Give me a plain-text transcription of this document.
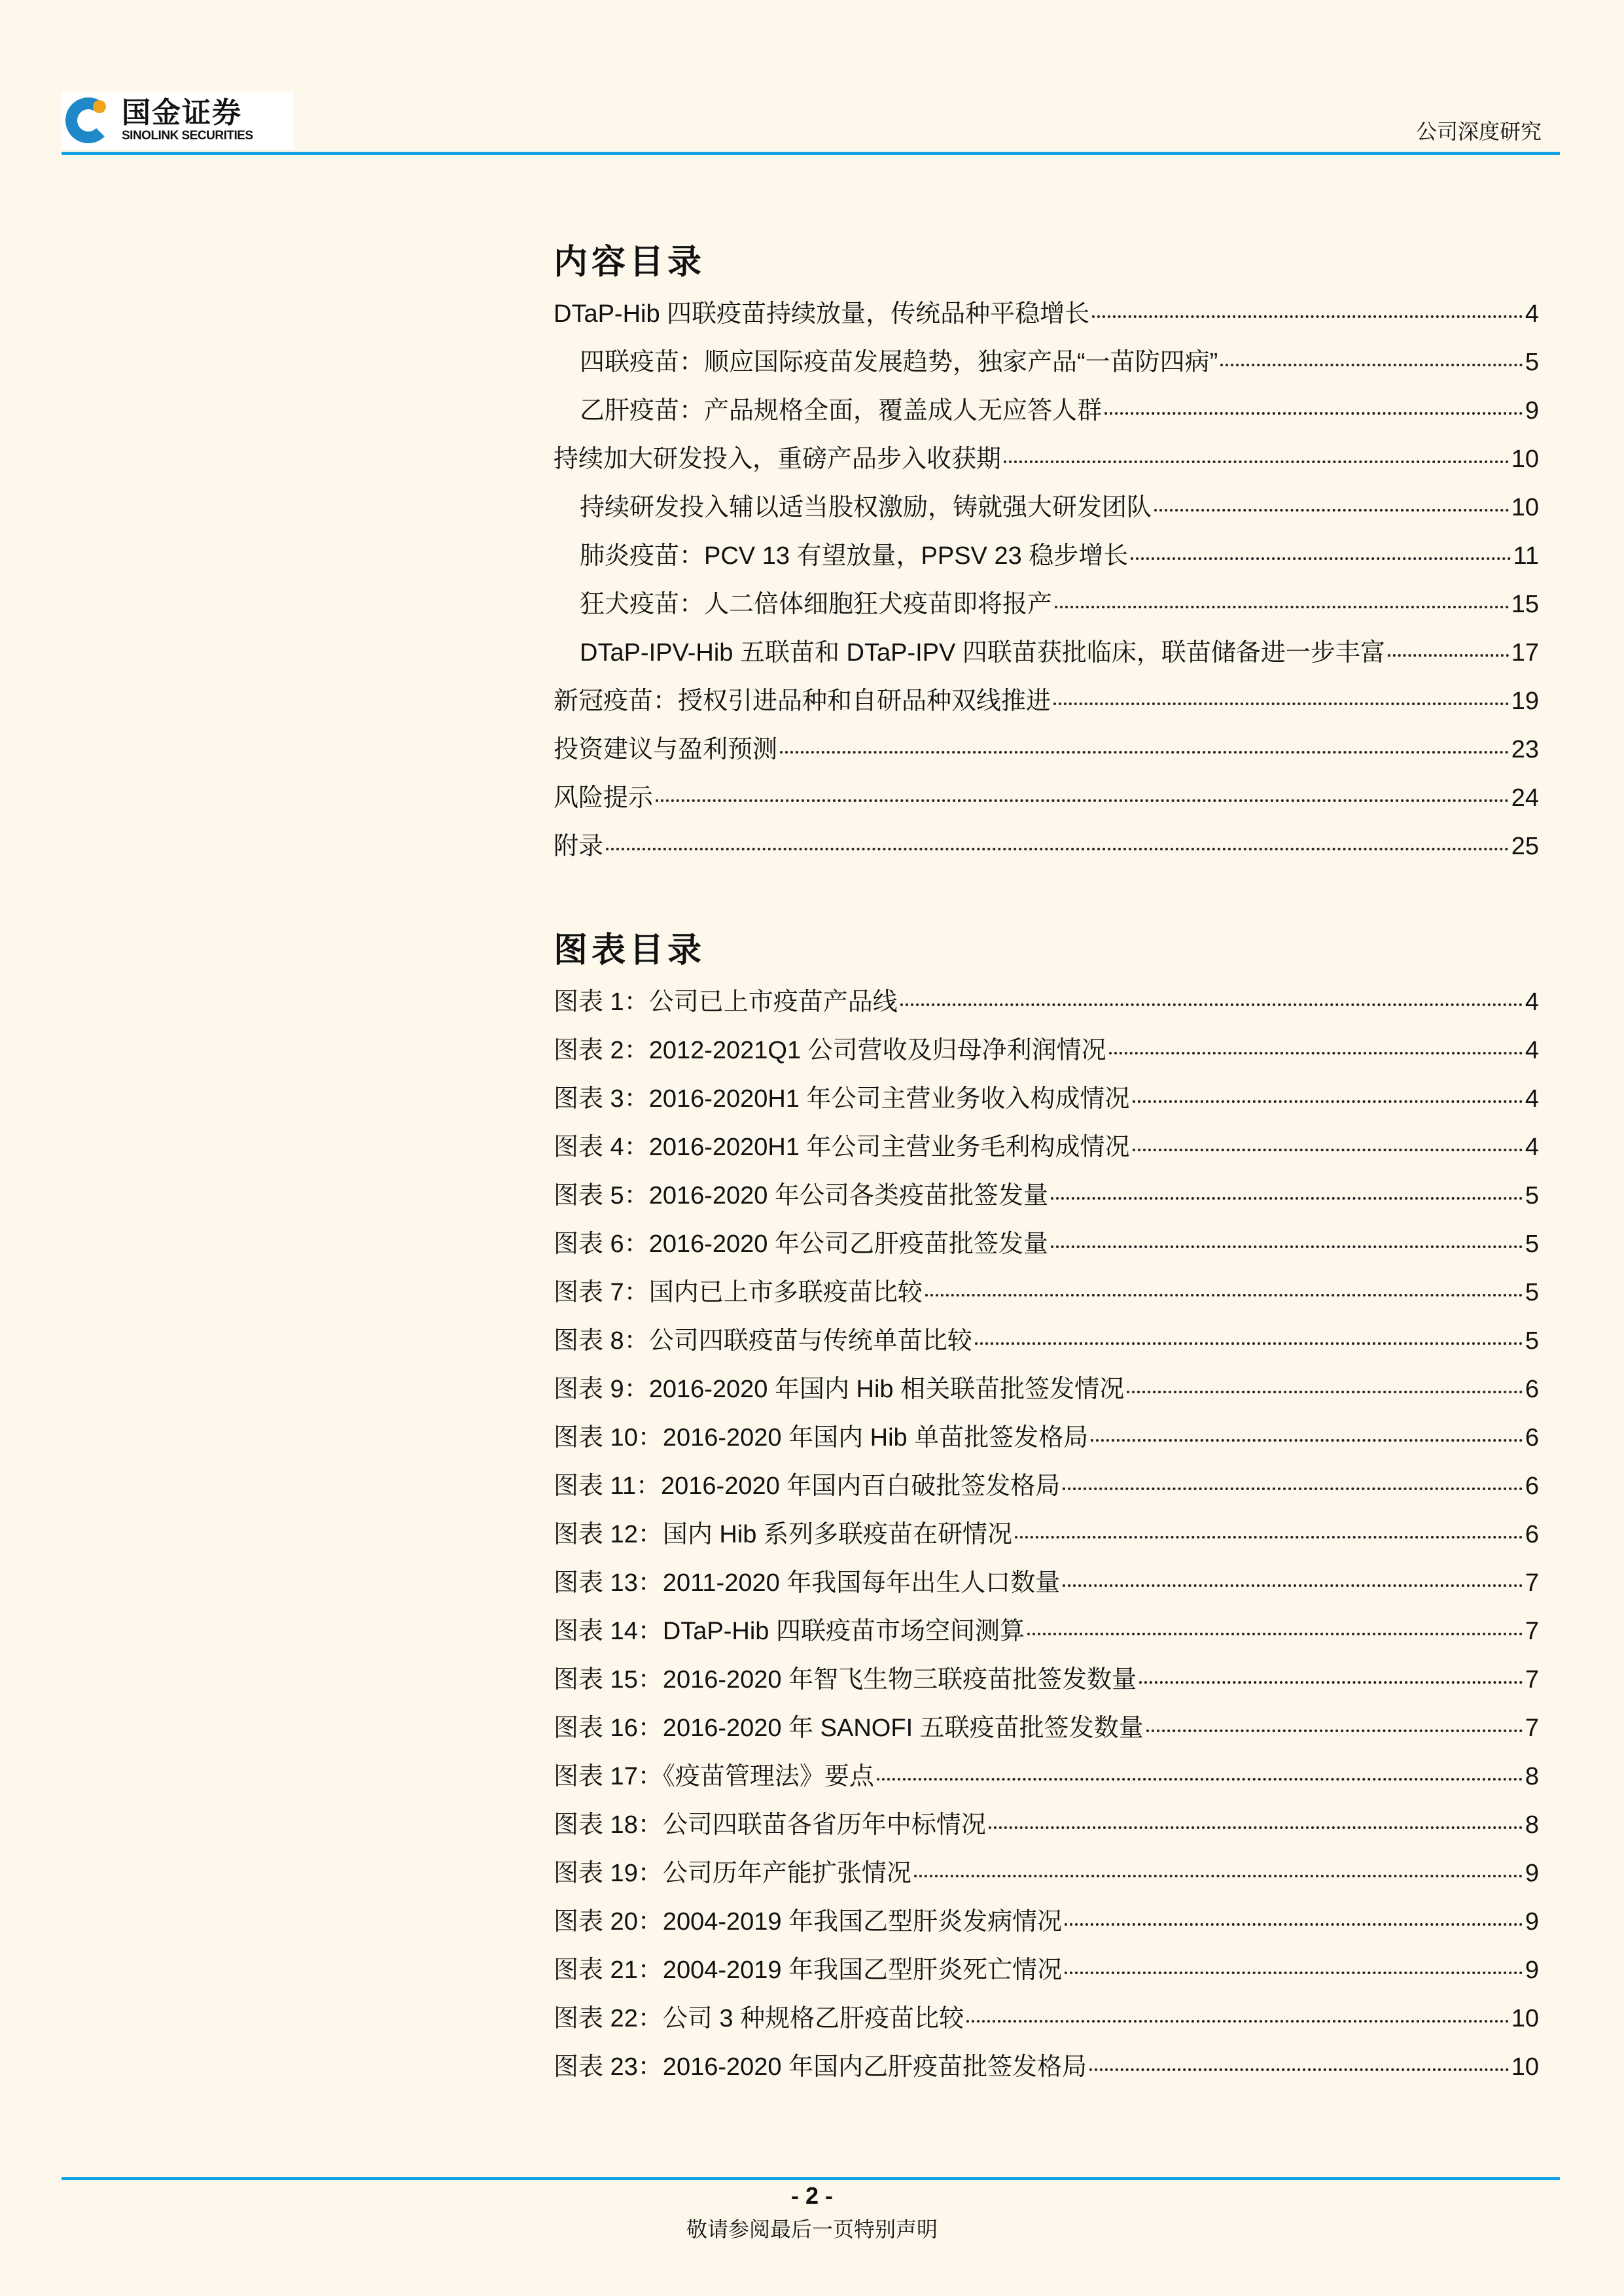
国金证券
SINOLINK SECURITIES	公司深度研究
内容目录
DTaP-Hib 四联疫苗持续放量，传统品种平稳增长	4
四联疫苗：顺应国际疫苗发展趋势，独家产品“一苗防四病”	5
乙肝疫苗：产品规格全面，覆盖成人无应答人群	9
持续加大研发投入，重磅产品步入收获期	10
持续研发投入辅以适当股权激励，铸就强大研发团队	10
肺炎疫苗：PCV 13 有望放量，PPSV 23 稳步增长	11
狂犬疫苗：人二倍体细胞狂犬疫苗即将报产	15
DTaP-IPV-Hib 五联苗和 DTaP-IPV 四联苗获批临床，联苗储备进一步丰富	17
新冠疫苗：授权引进品种和自研品种双线推进	19
投资建议与盈利预测	23
风险提示	24
附录	25
图表目录
图表 1：公司已上市疫苗产品线	4
图表 2：2012-2021Q1 公司营收及归母净利润情况	4
图表 3：2016-2020H1 年公司主营业务收入构成情况	4
图表 4：2016-2020H1 年公司主营业务毛利构成情况	4
图表 5：2016-2020 年公司各类疫苗批签发量	5
图表 6：2016-2020 年公司乙肝疫苗批签发量	5
图表 7：国内已上市多联疫苗比较	5
图表 8：公司四联疫苗与传统单苗比较	5
图表 9：2016-2020 年国内 Hib 相关联苗批签发情况	6
图表 10：2016-2020 年国内 Hib 单苗批签发格局	6
图表 11：2016-2020 年国内百白破批签发格局	6
图表 12：国内 Hib 系列多联疫苗在研情况	6
图表 13：2011-2020 年我国每年出生人口数量	7
图表 14：DTaP-Hib 四联疫苗市场空间测算	7
图表 15：2016-2020 年智飞生物三联疫苗批签发数量	7
图表 16：2016-2020 年 SANOFI 五联疫苗批签发数量	7
图表 17：《疫苗管理法》要点	8
图表 18：公司四联苗各省历年中标情况	8
图表 19：公司历年产能扩张情况	9
图表 20：2004-2019 年我国乙型肝炎发病情况	9
图表 21：2004-2019 年我国乙型肝炎死亡情况	9
图表 22：公司 3 种规格乙肝疫苗比较	10
图表 23：2016-2020 年国内乙肝疫苗批签发格局	10
- 2 -
敬请参阅最后一页特别声明
